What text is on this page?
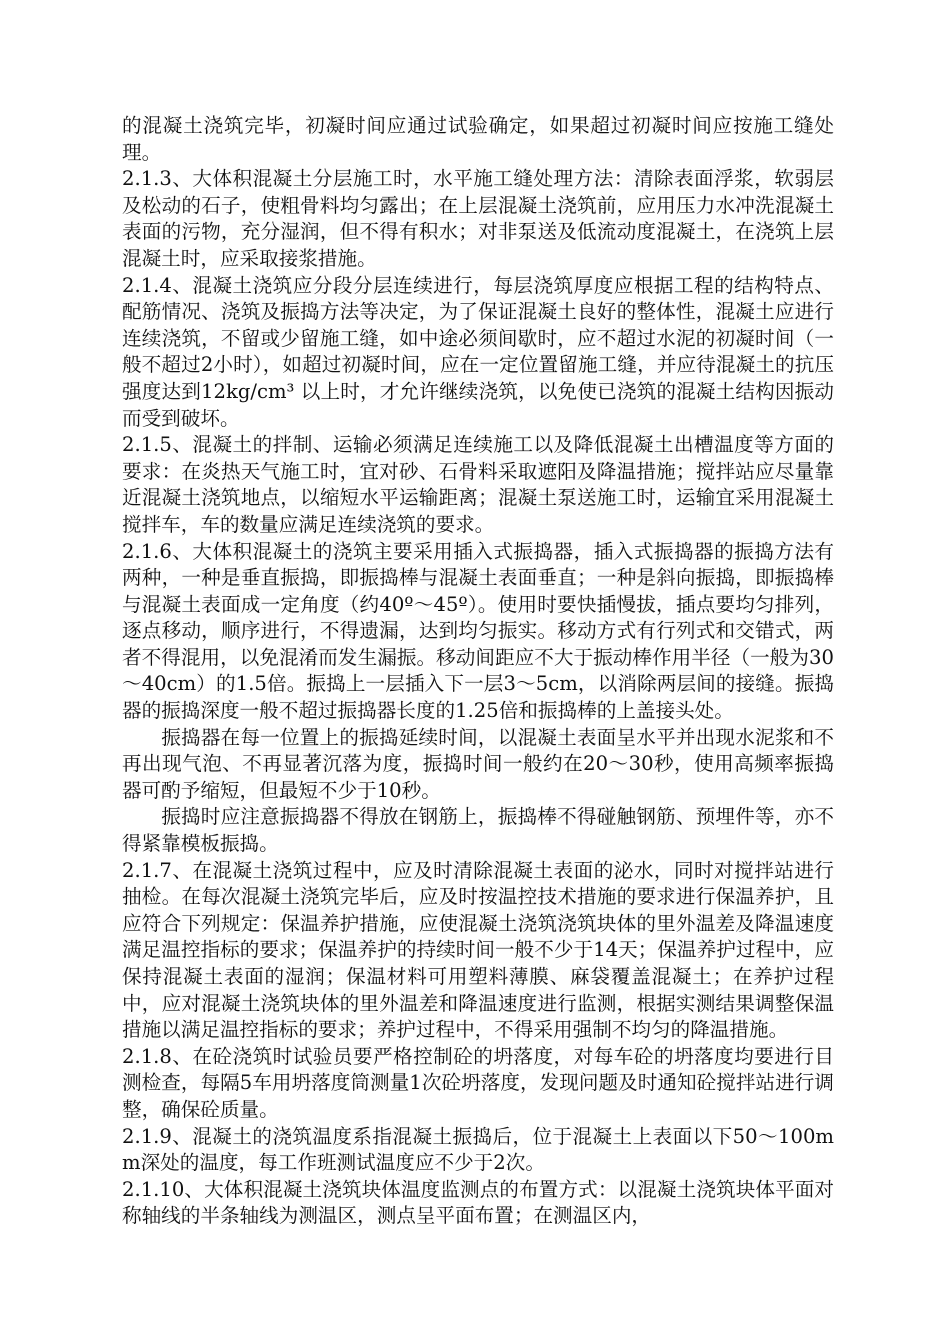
的混凝土浇筑完毕，初凝时间应通过试验确定，如果超过初凝时间应按施工缝处理。

2.1.3、大体积混凝土分层施工时，水平施工缝处理方法：清除表面浮浆，软弱层及松动的石子，使粗骨料均匀露出；在上层混凝土浇筑前，应用压力水冲洗混凝土表面的污物，充分湿润，但不得有积水；对非泵送及低流动度混凝土，在浇筑上层混凝土时，应采取接浆措施。

2.1.4、混凝土浇筑应分段分层连续进行，每层浇筑厚度应根据工程的结构特点、配筋情况、浇筑及振捣方法等决定，为了保证混凝土良好的整体性，混凝土应进行连续浇筑，不留或少留施工缝，如中途必须间歇时，应不超过水泥的初凝时间（一般不超过2小时），如超过初凝时间，应在一定位置留施工缝，并应待混凝土的抗压强度达到12kg/cm³ 以上时，才允许继续浇筑，以免使已浇筑的混凝土结构因振动而受到破坏。

2.1.5、混凝土的拌制、运输必须满足连续施工以及降低混凝土出槽温度等方面的要求：在炎热天气施工时，宜对砂、石骨料采取遮阳及降温措施；搅拌站应尽量靠近混凝土浇筑地点，以缩短水平运输距离；混凝土泵送施工时，运输宜采用混凝土搅拌车，车的数量应满足连续浇筑的要求。

2.1.6、大体积混凝土的浇筑主要采用插入式振捣器，插入式振捣器的振捣方法有两种，一种是垂直振捣，即振捣棒与混凝土表面垂直；一种是斜向振捣，即振捣棒与混凝土表面成一定角度（约40º～45º）。使用时要快插慢拔，插点要均匀排列，逐点移动，顺序进行，不得遗漏，达到均匀振实。移动方式有行列式和交错式，两者不得混用，以免混淆而发生漏振。移动间距应不大于振动棒作用半径（一般为30～40cm）的1.5倍。振捣上一层插入下一层3～5cm，以消除两层间的接缝。振捣器的振捣深度一般不超过振捣器长度的1.25倍和振捣棒的上盖接头处。

振捣器在每一位置上的振捣延续时间，以混凝土表面呈水平并出现水泥浆和不再出现气泡、不再显著沉落为度，振捣时间一般约在20～30秒，使用高频率振捣器可酌予缩短，但最短不少于10秒。

振捣时应注意振捣器不得放在钢筋上，振捣棒不得碰触钢筋、预埋件等，亦不得紧靠模板振捣。

2.1.7、在混凝土浇筑过程中，应及时清除混凝土表面的泌水，同时对搅拌站进行抽检。在每次混凝土浇筑完毕后，应及时按温控技术措施的要求进行保温养护，且应符合下列规定：保温养护措施，应使混凝土浇筑浇筑块体的里外温差及降温速度满足温控指标的要求；保温养护的持续时间一般不少于14天；保温养护过程中，应保持混凝土表面的湿润；保温材料可用塑料薄膜、麻袋覆盖混凝土；在养护过程中，应对混凝土浇筑块体的里外温差和降温速度进行监测，根据实测结果调整保温措施以满足温控指标的要求；养护过程中，不得采用强制不均匀的降温措施。

2.1.8、在砼浇筑时试验员要严格控制砼的坍落度，对每车砼的坍落度均要进行目测检查，每隔5车用坍落度筒测量1次砼坍落度，发现问题及时通知砼搅拌站进行调整，确保砼质量。

2.1.9、混凝土的浇筑温度系指混凝土振捣后，位于混凝土上表面以下50～100mm深处的温度，每工作班测试温度应不少于2次。

2.1.10、大体积混凝土浇筑块体温度监测点的布置方式：以混凝土浇筑块体平面对称轴线的半条轴线为测温区，测点呈平面布置；在测温区内，
